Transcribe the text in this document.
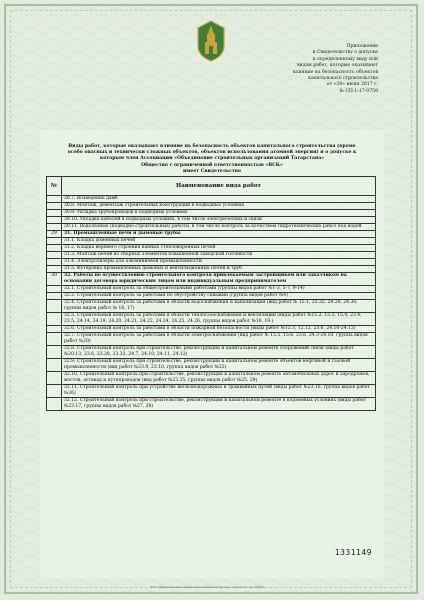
Приложение
к Свидетельству о допуске
к определенному виду или
видам работ, которые оказывают
влияние на безопасность объектов
капитального строительства
от «29» июня 2017 г.
№ СП-1-17-0759
Виды работ, которые оказывают влияние на безопасность объектов капитального строительства (кроме
особо опасных и технически сложных объектов, объектов использования атомной энергии) и о допуске к
которым член Ассоциации «Объединение строительных организаций Татарстана»
Общество с ограниченной ответственностью «ВСК»
имеет Свидетельство
№	Наименование вида работ
	30.7. Возведение дамб
	30.8. Монтаж, демонтаж строительных конструкций в подводных условиях
	30.9. Укладка трубопроводов в подводных условиях
	30.10. Укладка кабелей в подводных условиях, в том числе электрических и связи
	30.11. Водолазные (подводно-строительные) работы, в том числе контроль за качеством гидротехнических работ под водой
29	31. Промышленные печи и дымовые трубы
	31.1. Кладка доменных печей
	31.2. Кладка верхнего строения ванных стекловаренных печей
	31.3. Монтаж печей из сборных элементов повышенной заводской готовности
	31.4. Электролизеры для алюминиевой промышленности
	31.5. Футеровка промышленных дымовых и вентиляционных печей и труб
30	32. Работы по осуществлению строительного контроля привлекаемым застройщиком или заказчиком на основании договора юридическим лицом или индивидуальным предпринимателем
	32.1. Строительный контроль за общестроительными работами (группы видов работ №1-3, 5-7, 9-14)
	32.2. Строительный контроль за работами по обустройству скважин (группа видов работ №4)
	32.4. Строительный контроль за работами в области водоснабжения и канализации (вид работ № 15.1, 23.32, 24.29, 24.30, группы видов работ № 16, 17)
	32.5. Строительный контроль за работами в области теплогазоснабжения и вентиляции (виды работ №15.2, 15.3, 15.4, 23.4, 23.5, 24.14, 24.19, 24.20, 24.21, 24.22, 24.24, 24.25, 24.26, группы видов работ №18, 19.)
	32.6. Строительный контроль за работами в области пожарной безопасности (виды работ №12.3, 12.12, 23.6, 24.10-24.12)
	32.7. Строительный контроль за работами в области электроснабжения (вид работ № 15.5, 15.6, 23.6, 24.3-24.10, группа видов работ №20)
	32.8. Строительный контроль при строительстве, реконструкции и капитальном ремонте сооружений связи (виды работ №20.13, 23.6, 23.28, 23.33, 24.7, 24.10, 24.11, 24.12)
	32.9. Строительный контроль при строительстве, реконструкции и капитальном ремонте объектов нефтяной и газовой промышленности (вид работ №23.9, 23.10, группа видов работ №22)
	32.10. Строительный контроль при строительстве, реконструкции и капитальном ремонте автомобильных дорог и аэродромов, мостов, эстакад и путепроводов (вид работ №23.35, группы видов работ №25, 29)
	32.11. Строительный контроль при устройстве железнодорожных и трамвайных путей (виды работ №23.16, группа видов работ №26)
	32.12. Строительный контроль при строительстве, реконструкции и капитальном ремонте в подземных условиях (виды работ №23.17, группы видов работ №27, 28)
1331149
ООО «Информационно-техническая компания Татарстан», www.sot.ru, тел. 8(843)...
